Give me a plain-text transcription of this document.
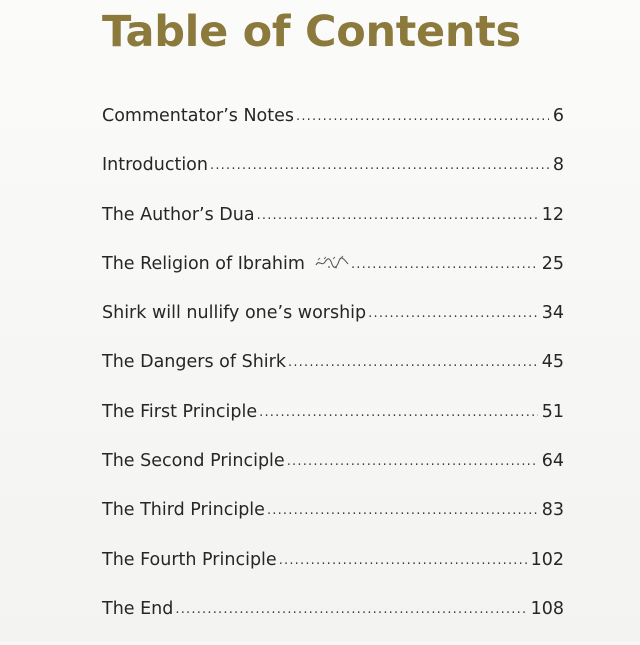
Table of Contents
Commentator’s Notes .....	6
Introduction .....	8
The Author’s Dua .....	12
The Religion of Ibrahim .....	25
Shirk will nullify one’s worship .....	34
The Dangers of Shirk .....	45
The First Principle .....	51
The Second Principle .....	64
The Third Principle .....	83
The Fourth Principle .....	102
The End .....	108
